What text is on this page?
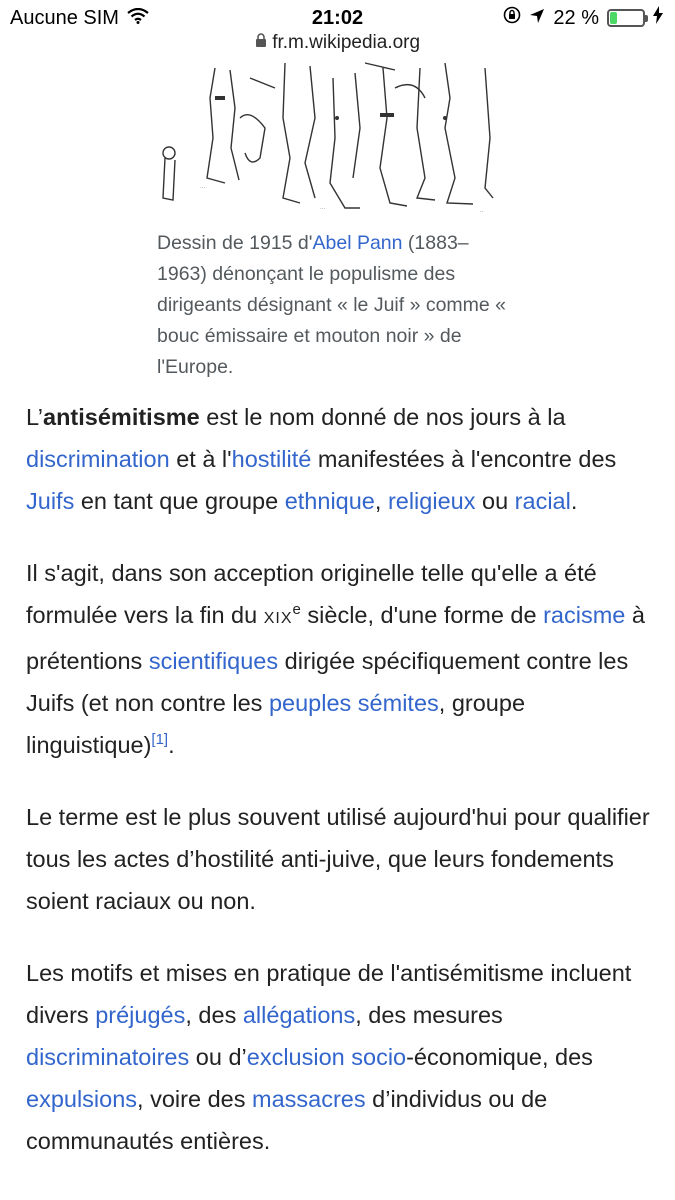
Aucune SIM	21:02	22 %
fr.m.wikipedia.org
···
···	··
Dessin de 1915 d'Abel Pann (1883–1963) dénonçant le populisme des dirigeants désignant « le Juif » comme « bouc émissaire et mouton noir » de l'Europe.

L’antisémitisme est le nom donné de nos jours à la discrimination et à l'hostilité manifestées à l'encontre des Juifs en tant que groupe ethnique, religieux ou racial.

Il s'agit, dans son acception originelle telle qu'elle a été formulée vers la fin du XIXe siècle, d'une forme de racisme à prétentions scientifiques dirigée spécifiquement contre les Juifs (et non contre les peuples sémites, groupe linguistique)[1].

Le terme est le plus souvent utilisé aujourd'hui pour qualifier tous les actes d’hostilité anti-juive, que leurs fondements soient raciaux ou non.

Les motifs et mises en pratique de l'antisémitisme incluent divers préjugés, des allégations, des mesures discriminatoires ou d’exclusion socio-économique, des expulsions, voire des massacres d’individus ou de communautés entières.
